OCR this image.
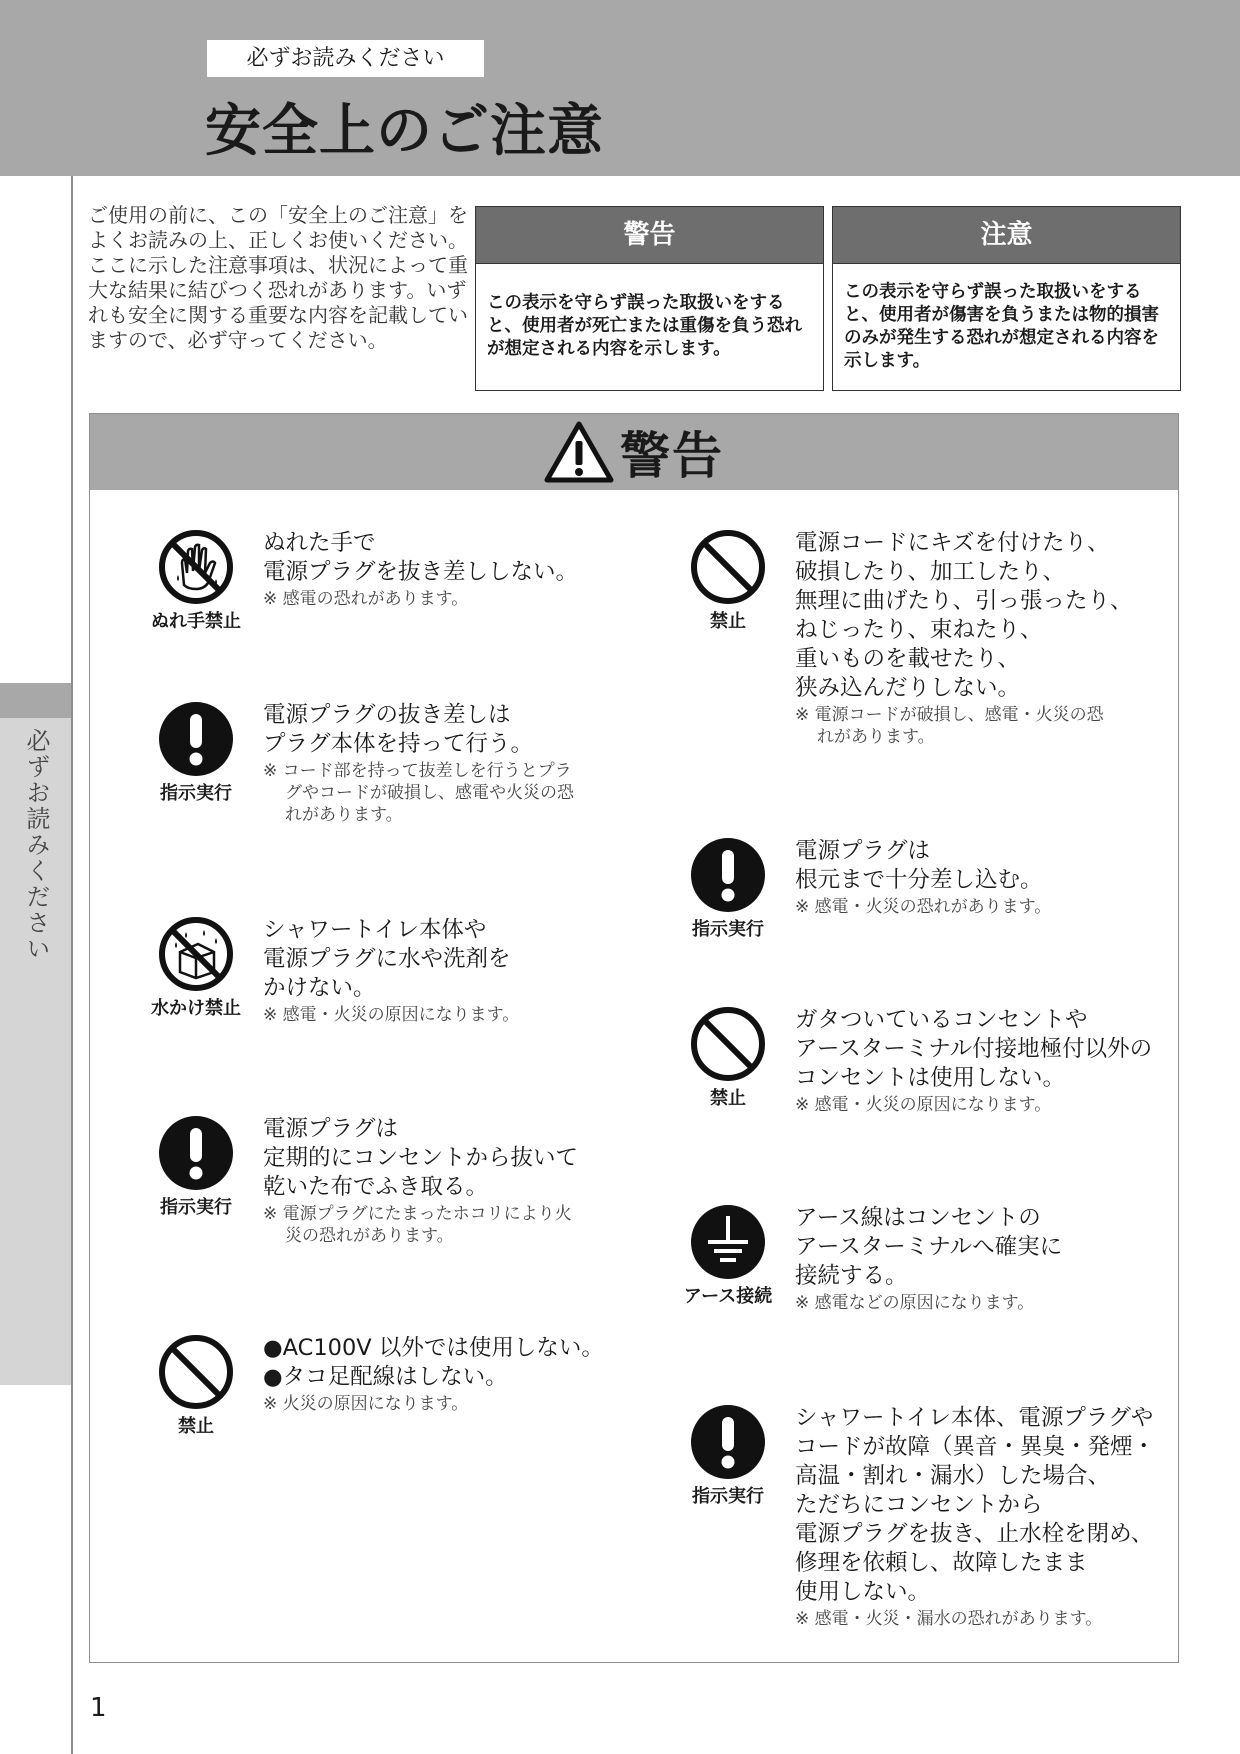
必ずお読みください
安全上のご注意
必ずお読みください

ご使用の前に、この「安全上のご注意」をよくお読みの上、正しくお使いください。

ここに示した注意事項は、状況によって重大な結果に結びつく恐れがあります。いずれも安全に関する重要な内容を記載していますので、必ず守ってください。

警告
この表示を守らず誤った取扱いをすると、使用者が死亡または重傷を負う恐れが想定される内容を示します。
注意
この表示を守らず誤った取扱いをすると、使用者が傷害を負うまたは物的損害のみが発生する恐れが想定される内容を示します。
警告
ぬれ手禁止

ぬれた手で
電源プラグを抜き差ししない。

※ 感電の恐れがあります。

指示実行

電源プラグの抜き差しは
プラグ本体を持って行う。

※ コード部を持って抜差しを行うとプラ
グやコードが破損し、感電や火災の恐
れがあります。

水かけ禁止

シャワートイレ本体や
電源プラグに水や洗剤を
かけない。

※ 感電・火災の原因になります。

指示実行

電源プラグは
定期的にコンセントから抜いて
乾いた布でふき取る。

※ 電源プラグにたまったホコリにより火
災の恐れがあります。

禁止

●AC100V 以外では使用しない。
●タコ足配線はしない。

※ 火災の原因になります。

禁止

電源コードにキズを付けたり、
破損したり、加工したり、
無理に曲げたり、引っ張ったり、
ねじったり、束ねたり、
重いものを載せたり、
狭み込んだりしない。

※ 電源コードが破損し、感電・火災の恐
れがあります。

指示実行

電源プラグは
根元まで十分差し込む。

※ 感電・火災の恐れがあります。

禁止

ガタついているコンセントや
アースターミナル付接地極付以外の
コンセントは使用しない。

※ 感電・火災の原因になります。

アース接続

アース線はコンセントの
アースターミナルへ確実に
接続する。

※ 感電などの原因になります。

指示実行

シャワートイレ本体、電源プラグや
コードが故障（異音・異臭・発煙・
高温・割れ・漏水）した場合、
ただちにコンセントから
電源プラグを抜き、止水栓を閉め、
修理を依頼し、故障したまま
使用しない。

※ 感電・火災・漏水の恐れがあります。

1
